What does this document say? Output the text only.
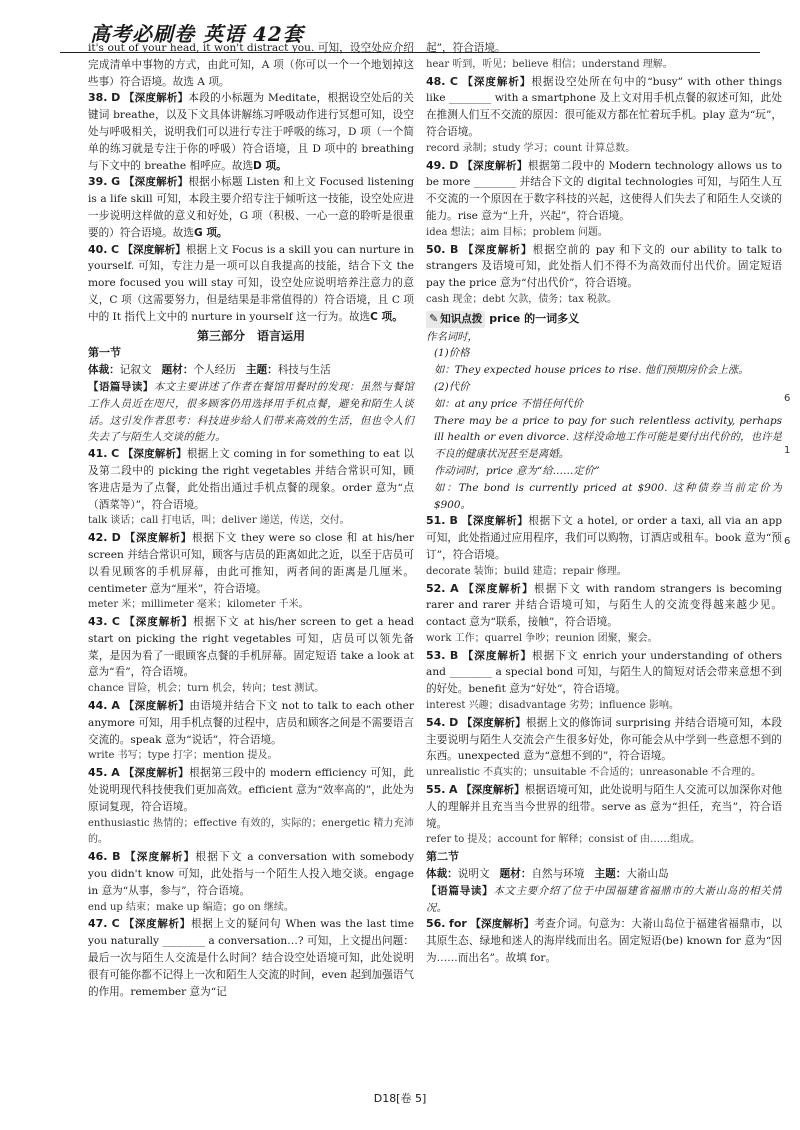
高考必刷卷 英语 42套

it's out of your head, it won't distract you. 可知，设空处应介绍完成清单中事物的方式，由此可知，A 项（你可以一个一个地划掉这些事）符合语境。故选 A 项。

38. D 【深度解析】本段的小标题为 Meditate，根据设空处后的关键词 breathe，以及下文具体讲解练习呼吸动作进行冥想可知，设空处与呼吸相关，说明我们可以进行专注于呼吸的练习，D 项（一个简单的练习就是专注于你的呼吸）符合语境，且 D 项中的 breathing 与下文中的 breathe 相呼应。故选D 项。

39. G 【深度解析】根据小标题 Listen 和上文 Focused listening is a life skill 可知，本段主要介绍专注于倾听这一技能，设空处应进一步说明这样做的意义和好处，G 项（积极、一心一意的聆听是很重要的）符合语境。故选G 项。

40. C 【深度解析】根据上文 Focus is a skill you can nurture in yourself. 可知，专注力是一项可以自我提高的技能，结合下文 the more focused you will stay 可知，设空处应说明培养注意力的意义，C 项（这需要努力，但是结果是非常值得的）符合语境，且 C 项中的 It 指代上文中的 nurture in yourself 这一行为。故选C 项。

第三部分　语言运用
第一节
体裁：记叙文 题材：个人经历 主题：科技与生活

【语篇导读】本文主要讲述了作者在餐馆用餐时的发现：虽然与餐馆工作人员近在咫尺，很多顾客仍用选择用手机点餐，避免和陌生人谈话。这引发作者思考：科技进步给人们带来高效的生活，但也令人们失去了与陌生人交谈的能力。

41. C 【深度解析】根据上文 coming in for something to eat 以及第二段中的 picking the right vegetables 并结合常识可知，顾客进店是为了点餐，此处指出通过手机点餐的现象。order 意为“点（酒菜等）”，符合语境。

talk 谈话；call 打电话，叫；deliver 递送，传送，交付。

42. D 【深度解析】根据下文 they were so close 和 at his/her screen 并结合常识可知，顾客与店员的距离如此之近，以至于店员可以看见顾客的手机屏幕，由此可推知，两者间的距离是几厘米。centimeter 意为“厘米”，符合语境。

meter 米；millimeter 毫米；kilometer 千米。

43. C 【深度解析】根据下文 at his/her screen to get a head start on picking the right vegetables 可知，店员可以领先备菜，是因为看了一眼顾客点餐的手机屏幕。固定短语 take a look at 意为“看”，符合语境。

chance 冒险，机会；turn 机会，转向；test 测试。

44. A 【深度解析】由语境并结合下文 not to talk to each other anymore 可知，用手机点餐的过程中，店员和顾客之间是不需要语言交流的。speak 意为“说话”，符合语境。

write 书写；type 打字；mention 提及。

45. A 【深度解析】根据第三段中的 modern efficiency 可知，此处说明现代科技使我们更加高效。efficient 意为“效率高的”，此处为原词复现，符合语境。

enthusiastic 热情的；effective 有效的，实际的；energetic 精力充沛的。

46. B 【深度解析】根据下文 a conversation with somebody you didn't know 可知，此处指与一个陌生人投入地交谈。engage in 意为“从事，参与”，符合语境。

end up 结束；make up 编造；go on 继续。

47. C 【深度解析】根据上文的疑问句 When was the last time you naturally ________ a conversation…? 可知，上文提出问题：最后一次与陌生人交流是什么时间？结合设空处语境可知，此处说明很有可能你都不记得上一次和陌生人交流的时间，even 起到加强语气的作用。remember 意为“记

起”，符合语境。

hear 听到，听见；believe 相信；understand 理解。

48. C 【深度解析】根据设空处所在句中的“busy” with other things like ________ with a smartphone 及上文对用手机点餐的叙述可知，此处在推测人们互不交流的原因：很可能双方都在忙着玩手机。play 意为“玩”，符合语境。

record 录制；study 学习；count 计算总数。

49. D 【深度解析】根据第二段中的 Modern technology allows us to be more ________ 并结合下文的 digital technologies 可知，与陌生人互不交流的一个原因在于数字科技的兴起，这使得人们失去了和陌生人交谈的能力。rise 意为“上升，兴起”，符合语境。

idea 想法；aim 目标；problem 问题。

50. B 【深度解析】根据空前的 pay 和下文的 our ability to talk to strangers 及语境可知，此处指人们不得不为高效而付出代价。固定短语 pay the price 意为“付出代价”，符合语境。

cash 现金；debt 欠款，债务；tax 税款。

✎ 知识点拨 price 的一词多义

作名词时，

(1)价格

如：They expected house prices to rise. 他们预期房价会上涨。

(2)代价

如：at any price 不惜任何代价

There may be a price to pay for such relentless activity, perhaps ill health or even divorce. 这样没命地工作可能是要付出代价的，也许是不良的健康状况甚至是离婚。

作动词时，price 意为“给……定价”

如：The bond is currently priced at $900. 这种债券当前定价为 $900。

51. B 【深度解析】根据下文 a hotel, or order a taxi, all via an app 可知，此处指通过应用程序，我们可以购物，订酒店或租车。book 意为“预订”，符合语境。

decorate 装饰；build 建造；repair 修理。

52. A 【深度解析】根据下文 with random strangers is becoming rarer and rarer 并结合语境可知，与陌生人的交流变得越来越少见。contact 意为“联系，接触”，符合语境。

work 工作；quarrel 争吵；reunion 团聚，聚会。

53. B 【深度解析】根据下文 enrich your understanding of others and ________ a special bond 可知，与陌生人的简短对话会带来意想不到的好处。benefit 意为“好处”，符合语境。

interest 兴趣；disadvantage 劣势；influence 影响。

54. D 【深度解析】根据上文的修饰词 surprising 并结合语境可知，本段主要说明与陌生人交流会产生很多好处，你可能会从中学到一些意想不到的东西。unexpected 意为“意想不到的”，符合语境。

unrealistic 不真实的；unsuitable 不合适的；unreasonable 不合理的。

55. A 【深度解析】根据语境可知，此处说明与陌生人交流可以加深你对他人的理解并且充当当今世界的纽带。serve as 意为“担任，充当”，符合语境。

refer to 提及；account for 解释；consist of 由……组成。

第二节
体裁：说明文 题材：自然与环境 主题：大嵛山岛

【语篇导读】本文主要介绍了位于中国福建省福鼎市的大嵛山岛的相关情况。

56. for 【深度解析】考查介词。句意为：大嵛山岛位于福建省福鼎市，以其原生态、绿地和迷人的海岸线而出名。固定短语(be) known for 意为“因为……而出名”。故填 for。

6
1
6
D18[卷 5]
